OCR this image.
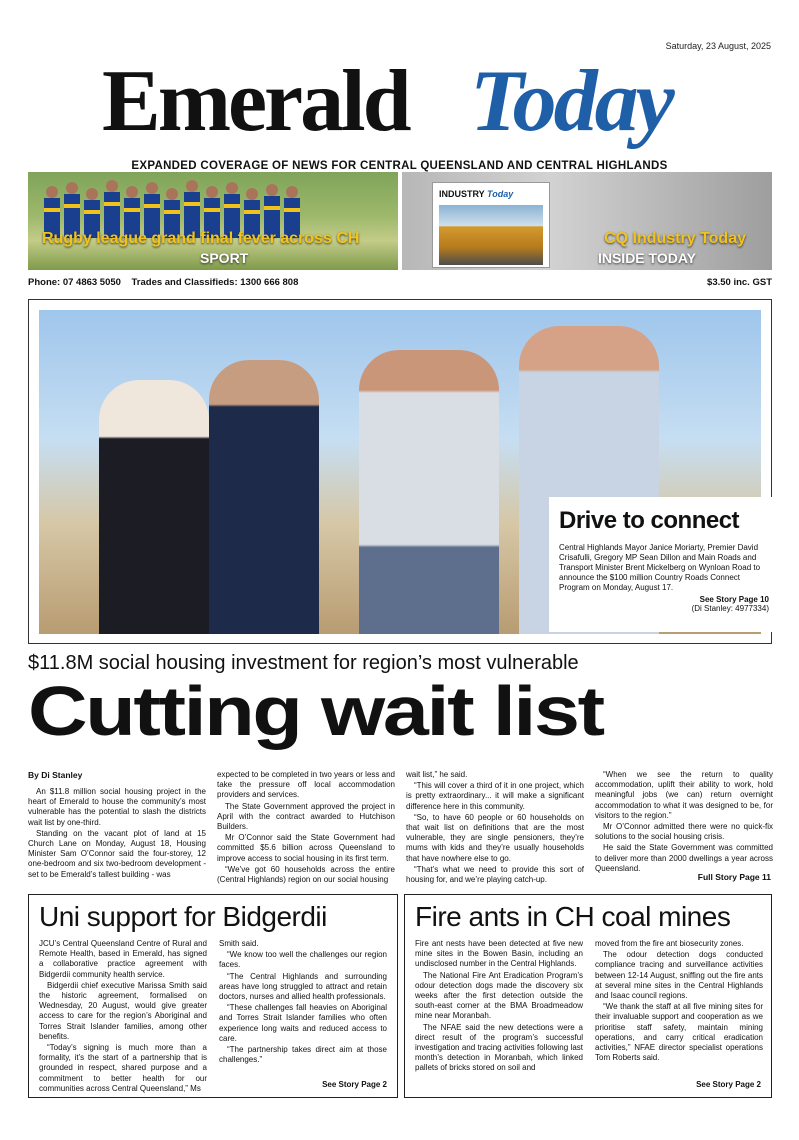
Saturday, 23 August, 2025
Emerald Today
EXPANDED COVERAGE OF NEWS FOR CENTRAL QUEENSLAND AND CENTRAL HIGHLANDS
Rugby league grand final fever across CH
SPORT
INDUSTRY Today
CQ Industry Today
INSIDE TODAY
Phone: 07 4863 5050    Trades and Classifieds: 1300 666 808	$3.50 inc. GST
Drive to connect
Central Highlands Mayor Janice Moriarty, Premier David Crisafulli, Gregory MP Sean Dillon and Main Roads and Transport Minister Brent Mickelberg on Wynloan Road to announce the $100 million Country Roads Connect Program on Monday, August 17.
See Story Page 10
(Di Stanley: 4977334)
$11.8M social housing investment for region’s most vulnerable
Cutting wait list
By Di Stanley

An $11.8 million social housing project in the heart of Emerald to house the community’s most vulnerable has the potential to slash the districts wait list by one-third.

Standing on the vacant plot of land at 15 Church Lane on Monday, August 18, Housing Minister Sam O’Connor said the four-storey, 12 one-bedroom and six two-bedroom development - set to be Emerald’s tallest building - was

expected to be completed in two years or less and take the pressure off local accommodation providers and services.

The State Government approved the project in April with the contract awarded to Hutchison Builders.

Mr O’Connor said the State Government had committed $5.6 billion across Queensland to improve access to social housing in its first term.

“We’ve got 60 households across the entire (Central Highlands) region on our social housing

wait list,” he said.

“This will cover a third of it in one project, which is pretty extraordinary... it will make a significant difference here in this community.

“So, to have 60 people or 60 households on that wait list on definitions that are the most vulnerable, they are single pensioners, they’re mums with kids and they’re usually households that have nowhere else to go.

“That’s what we need to provide this sort of housing for, and we’re playing catch-up.

“When we see the return to quality accommodation, uplift their ability to work, hold meaningful jobs (we can) return overnight accommodation to what it was designed to be, for visitors to the region.”

Mr O’Connor admitted there were no quick-fix solutions to the social housing crisis.

He said the State Government was committed to deliver more than 2000 dwellings a year across Queensland.

Full Story Page 11
Uni support for Bidgerdii

JCU’s Central Queensland Centre of Rural and Remote Health, based in Emerald, has signed a collaborative practice agreement with Bidgerdii community health service.

Bidgerdii chief executive Marissa Smith said the historic agreement, formalised on Wednesday, 20 August, would give greater access to care for the region’s Aboriginal and Torres Strait Islander families, among other benefits.

“Today’s signing is much more than a formality, it’s the start of a partnership that is grounded in respect, shared purpose and a commitment to better health for our communities across Central Queensland,” Ms

Smith said.

“We know too well the challenges our region faces.

“The Central Highlands and surrounding areas have long struggled to attract and retain doctors, nurses and allied health professionals.

“These challenges fall heavies on Aboriginal and Torres Strait Islander families who often experience long waits and reduced access to care.

“The partnership takes direct aim at those challenges.”

See Story Page 2
Fire ants in CH coal mines

Fire ant nests have been detected at five new mine sites in the Bowen Basin, including an undisclosed number in the Central Highlands.

The National Fire Ant Eradication Program’s odour detection dogs made the discovery six weeks after the first detection outside the south-east corner at the BMA Broadmeadow mine near Moranbah.

The NFAE said the new detections were a direct result of the program’s successful investigation and tracing activities following last month’s detection in Moranbah, which linked pallets of bricks stored on soil and

moved from the fire ant biosecurity zones.

The odour detection dogs conducted compliance tracing and surveillance activities between 12-14 August, sniffing out the fire ants at several mine sites in the Central Highlands and Isaac council regions.

“We thank the staff at all five mining sites for their invaluable support and cooperation as we prioritise staff safety, maintain mining operations, and carry critical eradication activities,” NFAE director specialist operations Tom Roberts said.

See Story Page 2
